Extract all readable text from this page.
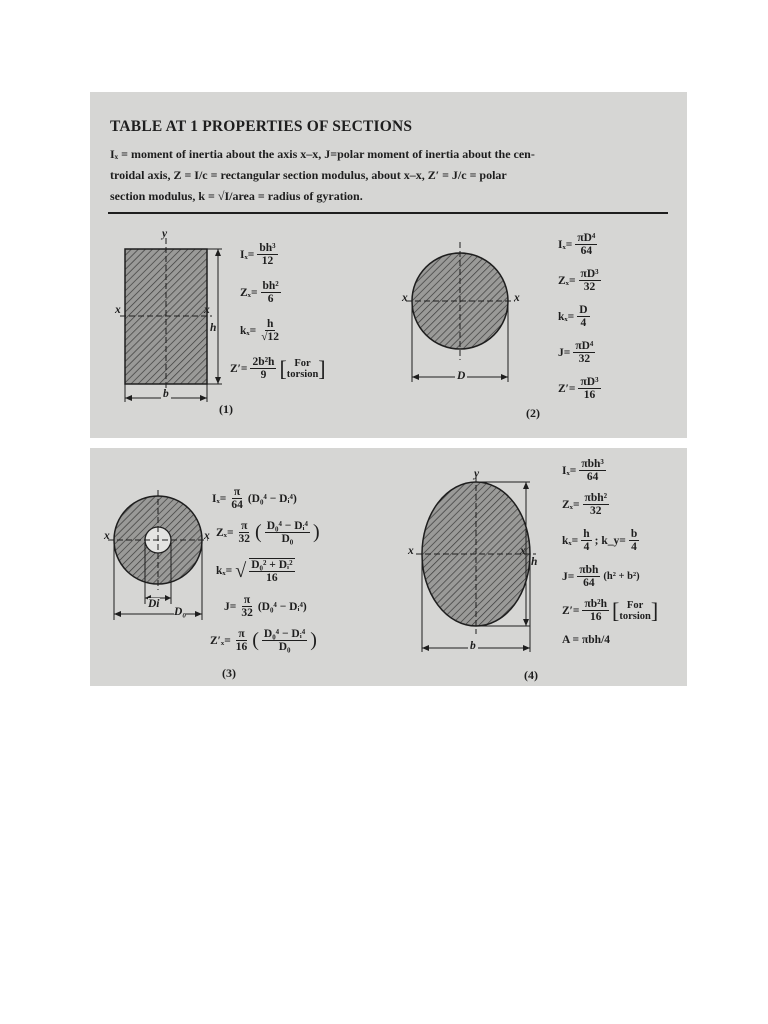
TABLE AT 1 PROPERTIES OF SECTIONS
Iₓ = moment of inertia about the axis x–x, J=polar moment of inertia about the cen-
troidal axis, Z = I/c = rectangular section modulus, about x–x, Z′ = J/c = polar
section modulus, k = √I/area = radius of gyration.
y
x	x
h
b
$I_x= \frac{\text{bh³}}{12}$
$Z_x= \frac{\text{bh²}}{6}$
$k_x= \frac{h}{√12}$
$Z'= \frac{\text{2b²h}}{9}$ [ For
torsion ]
(1)
x	x
D
$I_x= \frac{\text{πD⁴}}{64}$
$Z_x= \frac{\text{πD³}}{32}$
$k_x= \frac{D}{4}$
$J= \frac{\text{πD⁴}}{32}$
$Z'= \frac{\text{πD³}}{16}$
(2)
x	x
Di
D₀
$I_x= \frac{\pi}{64} (D_0^4$ − Dᵢ⁴)
$Z_x= \frac{\pi}{32}$ ( D₀⁴ − Dᵢ⁴
D₀ )
kₓ= √ D₀² + Dᵢ²
16
$J= \frac{\pi}{32} (D_0^4$ − Dᵢ⁴)
$Z'_x= \frac{\pi}{16}$ ( D₀⁴ − Dᵢ⁴
D₀ )
(3)
y
x	x
h
b
Iₓ=
πbh³
64
Zₓ=
πbh²
32
$k_x= \frac{h}{4}$ ; k_y= $\frac{b}{4}$
J=
πbh
64
(h² + b²)
$Z'= \frac{\text{πb²h}}{16}$ [ For
torsion ]
A = πbh/4
(4)
